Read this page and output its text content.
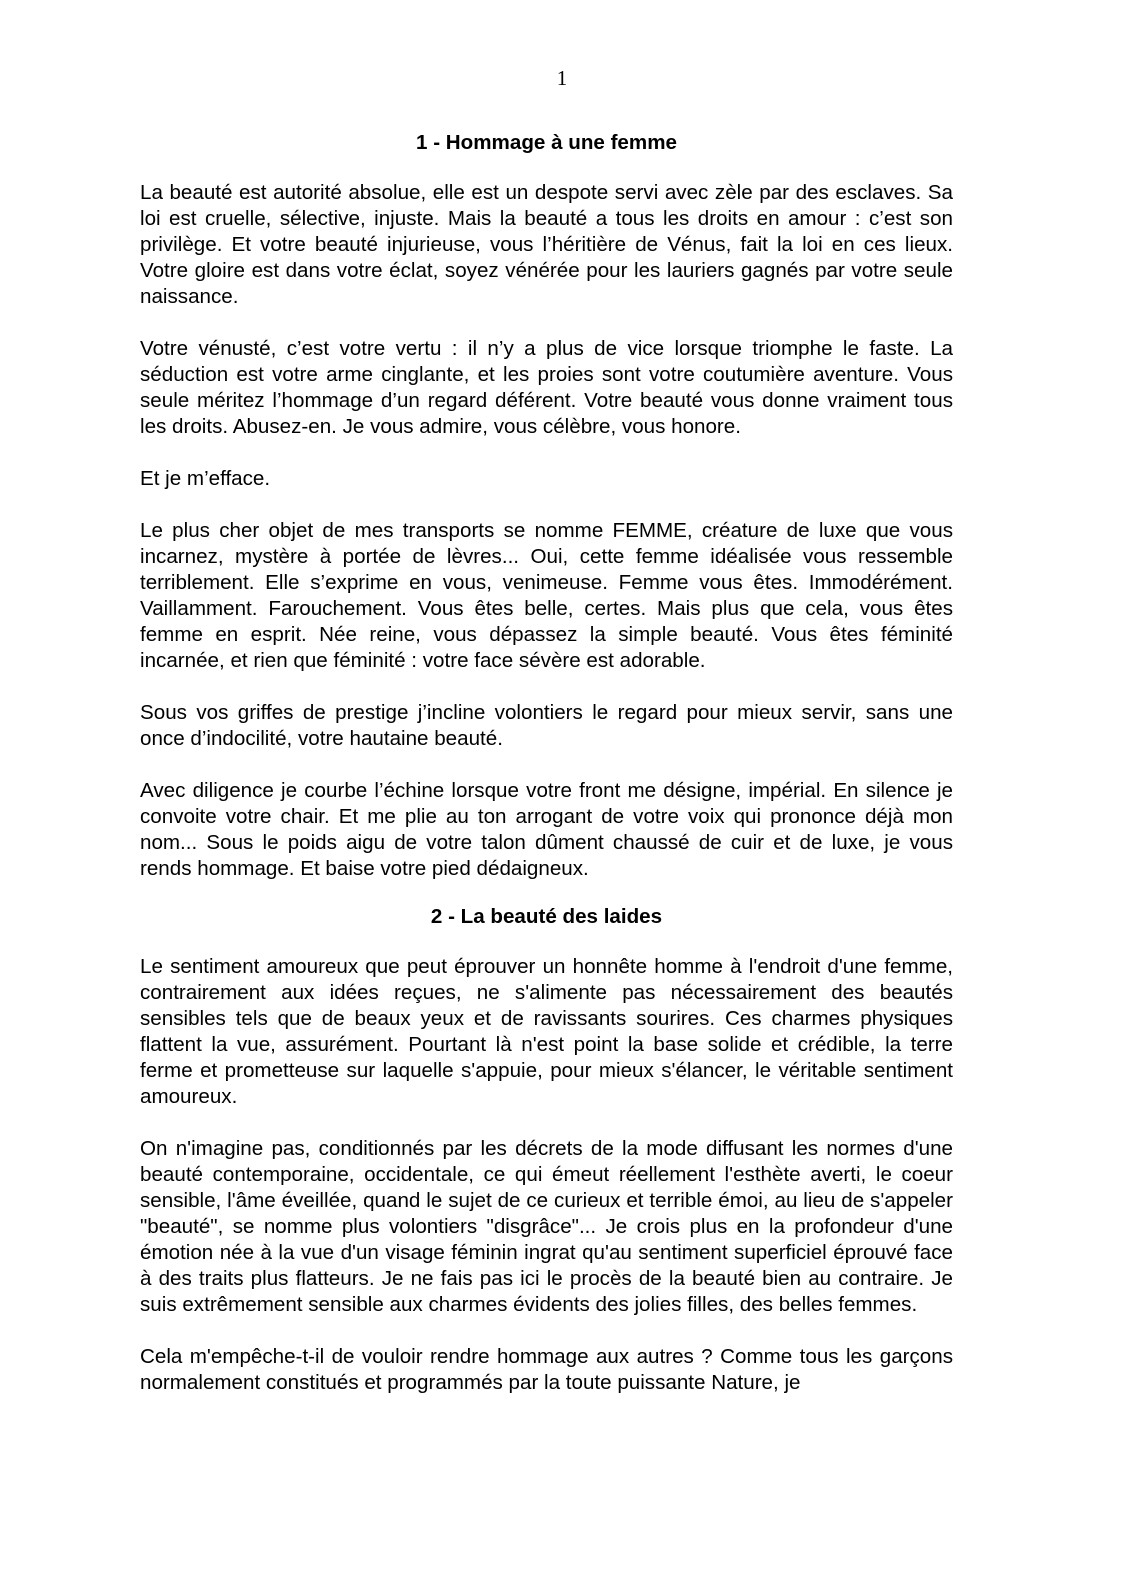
1
1 - Hommage à une femme

La beauté est autorité absolue, elle est un despote servi avec zèle par des esclaves. Sa loi est cruelle, sélective, injuste. Mais la beauté a tous les droits en amour : c’est son privilège. Et votre beauté injurieuse, vous l’héritière de Vénus, fait la loi en ces lieux. Votre gloire est dans votre éclat, soyez vénérée pour les lauriers gagnés par votre seule naissance.

Votre vénusté, c’est votre vertu : il n’y a plus de vice lorsque triomphe le faste. La séduction est votre arme cinglante, et les proies sont votre coutumière aventure. Vous seule méritez l’hommage d’un regard déférent. Votre beauté vous donne vraiment tous les droits. Abusez-en. Je vous admire, vous célèbre, vous honore.

Et je m’efface.

Le plus cher objet de mes transports se nomme FEMME, créature de luxe que vous incarnez, mystère à portée de lèvres... Oui, cette femme idéalisée vous ressemble terriblement. Elle s’exprime en vous, venimeuse. Femme vous êtes. Immodérément. Vaillamment. Farouchement. Vous êtes belle, certes. Mais plus que cela, vous êtes femme en esprit. Née reine, vous dépassez la simple beauté. Vous êtes féminité incarnée, et rien que féminité : votre face sévère est adorable.

Sous vos griffes de prestige j’incline volontiers le regard pour mieux servir, sans une once d’indocilité, votre hautaine beauté.

Avec diligence je courbe l’échine lorsque votre front me désigne, impérial. En silence je convoite votre chair. Et me plie au ton arrogant de votre voix qui prononce déjà mon nom... Sous le poids aigu de votre talon dûment chaussé de cuir et de luxe, je vous rends hommage. Et baise votre pied dédaigneux.

2 - La beauté des laides

Le sentiment amoureux que peut éprouver un honnête homme à l'endroit d'une femme, contrairement aux idées reçues, ne s'alimente pas nécessairement des beautés sensibles tels que de beaux yeux et de ravissants sourires. Ces charmes physiques flattent la vue, assurément. Pourtant là n'est point la base solide et crédible, la terre ferme et prometteuse sur laquelle s'appuie, pour mieux s'élancer, le véritable sentiment amoureux.

On n'imagine pas, conditionnés par les décrets de la mode diffusant les normes d'une beauté contemporaine, occidentale, ce qui émeut réellement l'esthète averti, le coeur sensible, l'âme éveillée, quand le sujet de ce curieux et terrible émoi, au lieu de s'appeler "beauté", se nomme plus volontiers "disgrâce"... Je crois plus en la profondeur d'une émotion née à la vue d'un visage féminin ingrat qu'au sentiment superficiel éprouvé face à des traits plus flatteurs. Je ne fais pas ici le procès de la beauté bien au contraire. Je suis extrêmement sensible aux charmes évidents des jolies filles, des belles femmes.

Cela m'empêche-t-il de vouloir rendre hommage aux autres ? Comme tous les garçons normalement constitués et programmés par la toute puissante Nature, je
